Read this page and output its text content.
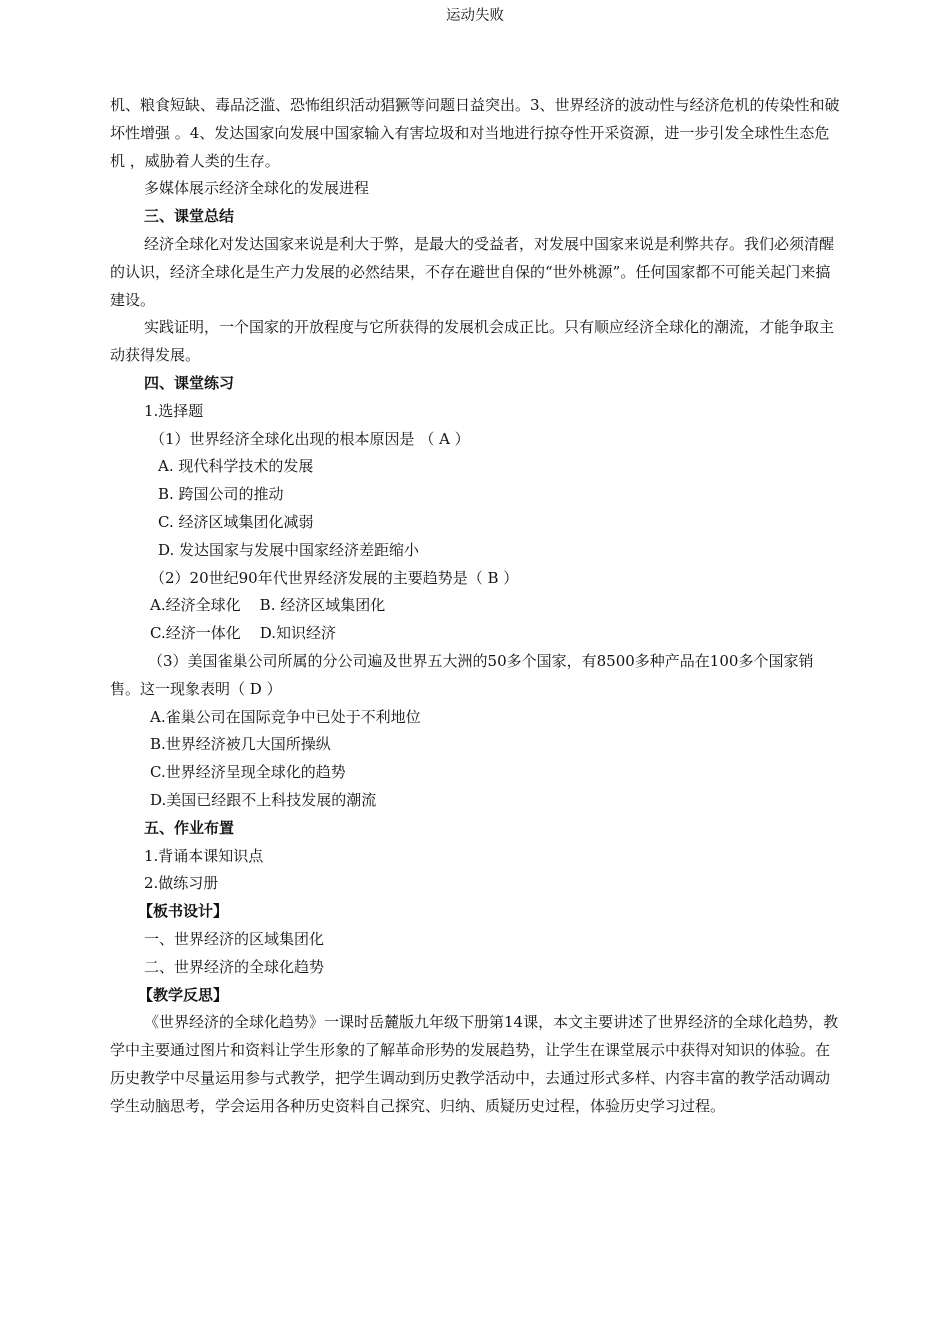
运动失败

机、粮食短缺、毒品泛滥、恐怖组织活动猖獗等问题日益突出。3、世界经济的波动性与经济危机的传染性和破坏性增强 。4、发达国家向发展中国家输入有害垃圾和对当地进行掠夺性开采资源，进一步引发全球性生态危机 ，威胁着人类的生存。

多媒体展示经济全球化的发展进程

三、课堂总结

经济全球化对发达国家来说是利大于弊，是最大的受益者，对发展中国家来说是利弊共存。我们必须清醒的认识，经济全球化是生产力发展的必然结果，不存在避世自保的“世外桃源”。任何国家都不可能关起门来搞建设。

实践证明，一个国家的开放程度与它所获得的发展机会成正比。只有顺应经济全球化的潮流，才能争取主动获得发展。

四、课堂练习

1.选择题

（1）世界经济全球化出现的根本原因是 （ A ）

A. 现代科学技术的发展

B. 跨国公司的推动

C. 经济区域集团化减弱

D. 发达国家与发展中国家经济差距缩小

（2）20世纪90年代世界经济发展的主要趋势是（ B ）

A.经济全球化    B. 经济区域集团化

C.经济一体化    D.知识经济

（3）美国雀巢公司所属的分公司遍及世界五大洲的50多个国家，有8500多种产品在100多个国家销售。这一现象表明（ D ）

A.雀巢公司在国际竞争中已处于不利地位

B.世界经济被几大国所操纵

C.世界经济呈现全球化的趋势

D.美国已经跟不上科技发展的潮流

五、作业布置

1.背诵本课知识点

2.做练习册

【板书设计】

一、世界经济的区域集团化

二、世界经济的全球化趋势

【教学反思】

《世界经济的全球化趋势》一课时岳麓版九年级下册第14课，本文主要讲述了世界经济的全球化趋势，教学中主要通过图片和资料让学生形象的了解革命形势的发展趋势，让学生在课堂展示中获得对知识的体验。在历史教学中尽量运用参与式教学，把学生调动到历史教学活动中，去通过形式多样、内容丰富的教学活动调动学生动脑思考，学会运用各种历史资料自己探究、归纳、质疑历史过程，体验历史学习过程。
